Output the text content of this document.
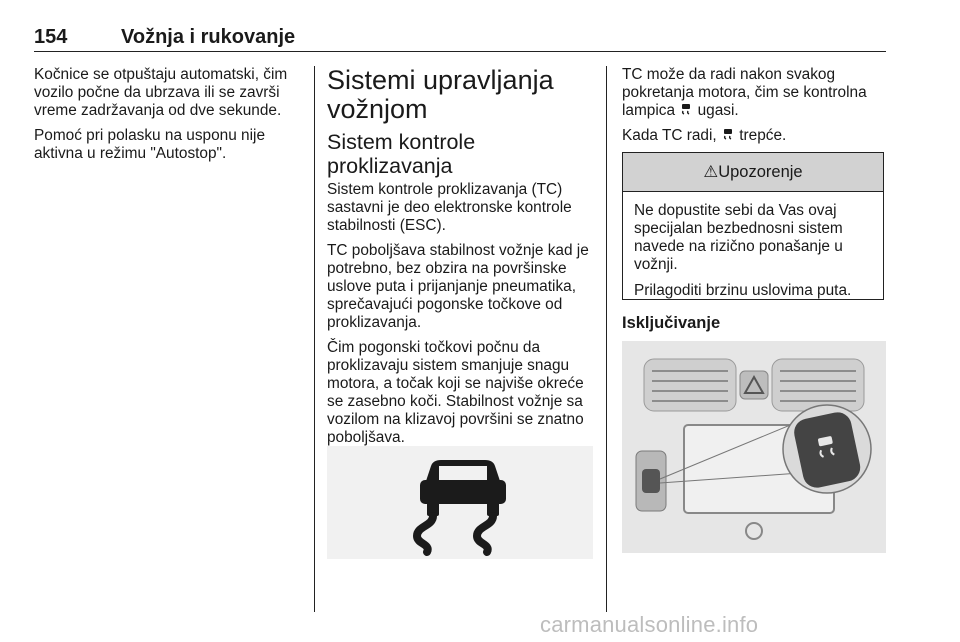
154	Vožnja i rukovanje

Kočnice se otpuštaju automatski, čim vozilo počne da ubrzava ili se završi vreme zadržavanja od dve sekunde.

Pomoć pri polasku na usponu nije aktivna u režimu "Autostop".

Sistemi upravljanja vožnjom
Sistem kontrole proklizavanja

Sistem kontrole proklizavanja (TC) sastavni je deo elektronske kontrole stabilnosti (ESC).

TC poboljšava stabilnost vožnje kad je potrebno, bez obzira na površinske uslove puta i prijanjanje pneumatika, sprečavajući pogonske točkove od proklizavanja.

Čim pogonski točkovi počnu da proklizavaju sistem smanjuje snagu motora, a točak koji se najviše okreće se zasebno koči. Stabilnost vožnje sa vozilom na klizavoj površini se znatno poboljšava.

TC može da radi nakon svakog pokretanja motora, čim se kontrolna lampica  ugasi.

Kada TC radi,  trepće.

⚠Upozorenje

Ne dopustite sebi da Vas ovaj specijalan bezbednosni sistem navede na rizično ponašanje u vožnji.

Prilagoditi brzinu uslovima puta.

Isključivanje
carmanualsonline.info
